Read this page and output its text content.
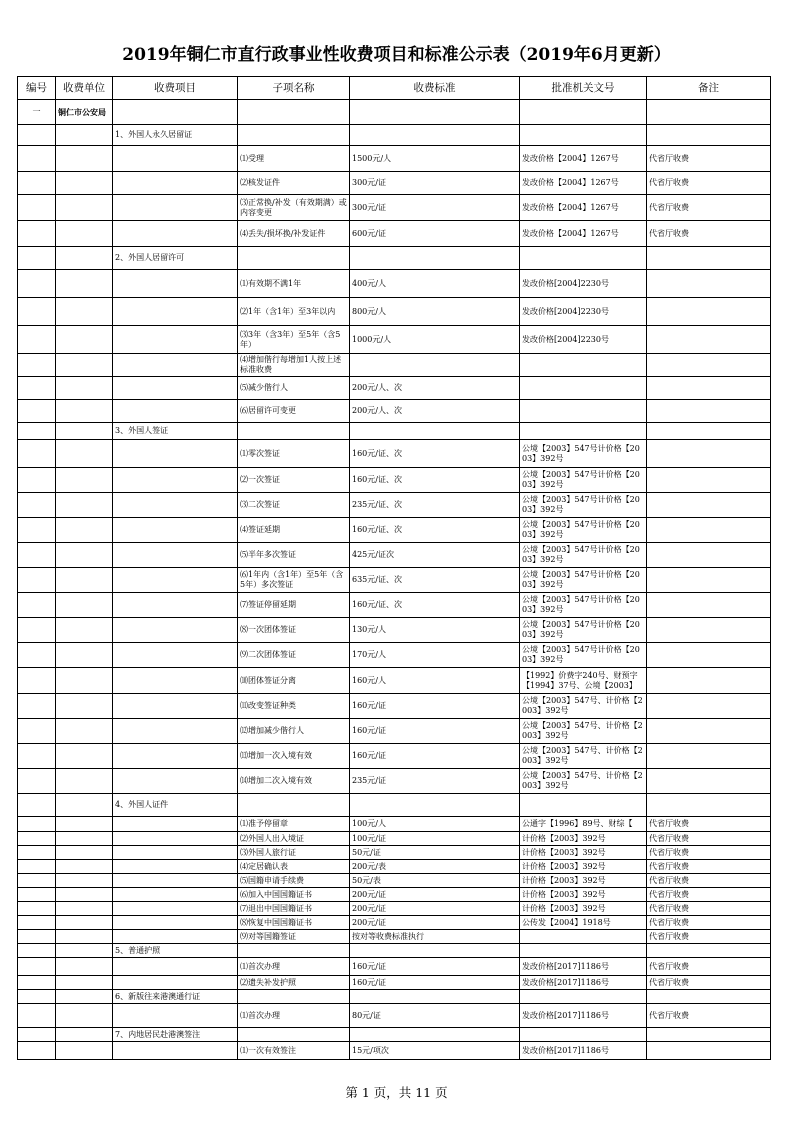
2019年铜仁市直行政事业性收费项目和标准公示表（2019年6月更新）
编号	收费单位	收费项目	子项名称	收费标准	批准机关文号	备注
一	铜仁市公安局					
		1、外国人永久居留证				
			⑴受理	1500元/人	发改价格【2004】1267号	代省厅收费
			⑵核发证件	300元/证	发改价格【2004】1267号	代省厅收费
			⑶正常换/补发（有效期满）或内容变更	300元/证	发改价格【2004】1267号	代省厅收费
			⑷丢失/损坏换/补发证件	600元/证	发改价格【2004】1267号	代省厅收费
		2、外国人居留许可				
			⑴有效期不满1年	400元/人	发改价格[2004]2230号	
			⑵1年（含1年）至3年以内	800元/人	发改价格[2004]2230号	
			⑶3年（含3年）至5年（含5年）	1000元/人	发改价格[2004]2230号	
			⑷增加偕行每增加1人按上述标准收费			
			⑸减少偕行人	200元/人、次		
			⑹居留许可变更	200元/人、次		
		3、外国人签证				
			⑴零次签证	160元/证、次	公境【2003】547号计价格【2003】392号	
			⑵一次签证	160元/证、次	公境【2003】547号计价格【2003】392号	
			⑶二次签证	235元/证、次	公境【2003】547号计价格【2003】392号	
			⑷签证延期	160元/证、次	公境【2003】547号计价格【2003】392号	
			⑸半年多次签证	425元/证次	公境【2003】547号计价格【2003】392号	
			⑹1年内（含1年）至5年（含5年）多次签证	635元/证、次	公境【2003】547号计价格【2003】392号	
			⑺签证停留延期	160元/证、次	公境【2003】547号计价格【2003】392号	
			⑻一次团体签证	130元/人	公境【2003】547号计价格【2003】392号	
			⑼二次团体签证	170元/人	公境【2003】547号计价格【2003】392号	
			⑽团体签证分离	160元/人	【1992】价费字240号、财预字【1994】37号、公境【2003】	
			⑾改变签证种类	160元/证	公境【2003】547号、计价格【2003】392号	
			⑿增加减少偕行人	160元/证	公境【2003】547号、计价格【2003】392号	
			⒀增加一次入境有效	160元/证	公境【2003】547号、计价格【2003】392号	
			⒁增加二次入境有效	235元/证	公境【2003】547号、计价格【2003】392号	
		4、外国人证件				
			⑴准予停留章	100元/人	公通字【1996】89号、财综【	代省厅收费
			⑵外国人出入境证	100元/证	计价格【2003】392号	代省厅收费
			⑶外国人旅行证	50元/证	计价格【2003】392号	代省厅收费
			⑷定居确认表	200元/表	计价格【2003】392号	代省厅收费
			⑸国籍申请手续费	50元/表	计价格【2003】392号	代省厅收费
			⑹加入中国国籍证书	200元/证	计价格【2003】392号	代省厅收费
			⑺退出中国国籍证书	200元/证	计价格【2003】392号	代省厅收费
			⑻恢复中国国籍证书	200元/证	公传发【2004】1918号	代省厅收费
			⑼对等国籍签证	按对等收费标准执行		代省厅收费
		5、普通护照				
			⑴首次办理	160元/证	发改价格[2017]1186号	代省厅收费
			⑵遗失补发护照	160元/证	发改价格[2017]1186号	代省厅收费
		6、新版往来港澳通行证				
			⑴首次办理	80元/证	发改价格[2017]1186号	代省厅收费
		7、内地居民赴港澳签注				
			⑴一次有效签注	15元/项次	发改价格[2017]1186号	
第 1 页，共 11 页
